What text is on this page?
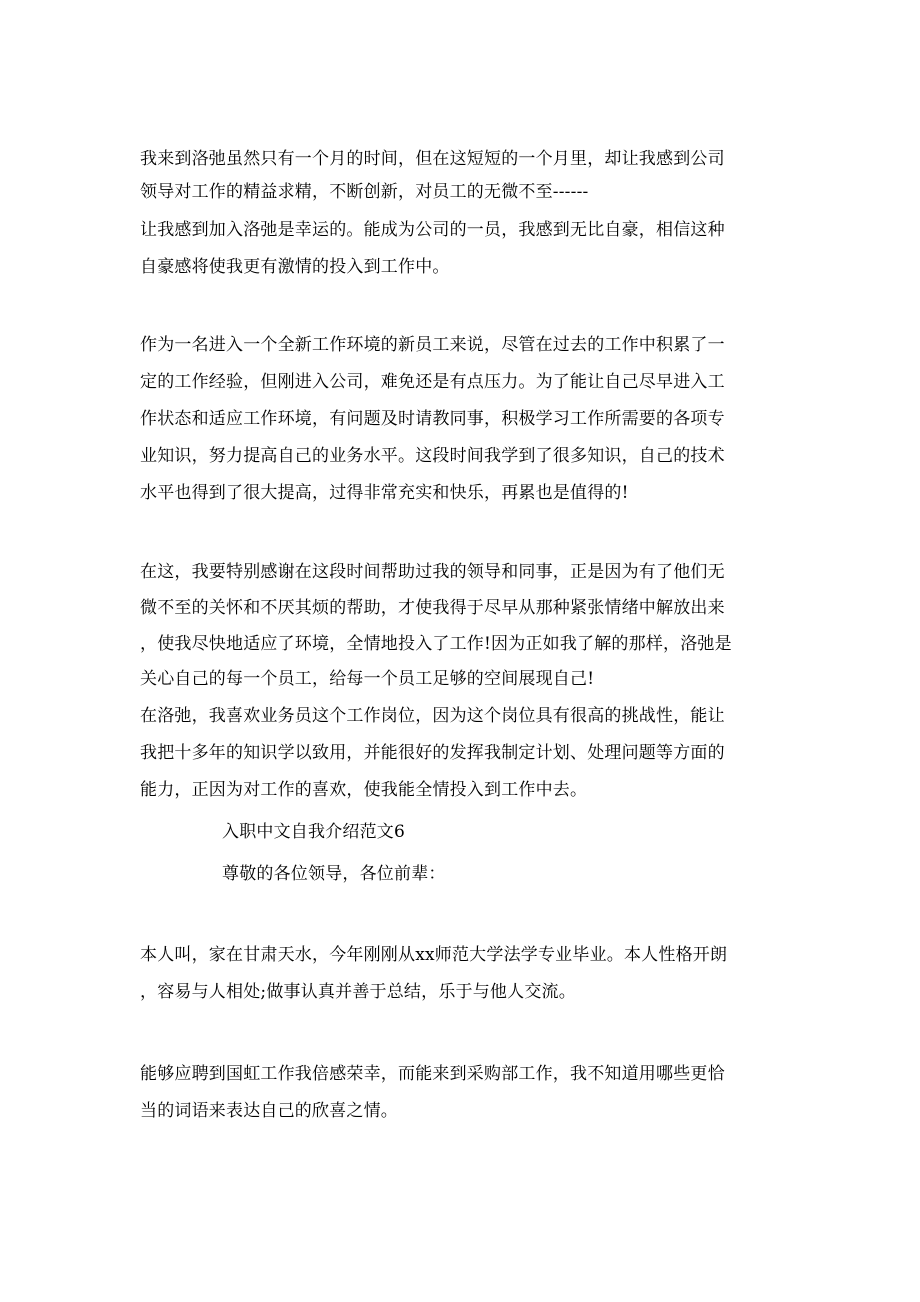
我来到洛弛虽然只有一个月的时间，但在这短短的一个月里，却让我感到公司
领导对工作的精益求精，不断创新，对员工的无微不至------
让我感到加入洛弛是幸运的。能成为公司的一员，我感到无比自豪，相信这种
自豪感将使我更有激情的投入到工作中。
作为一名进入一个全新工作环境的新员工来说，尽管在过去的工作中积累了一
定的工作经验，但刚进入公司，难免还是有点压力。为了能让自己尽早进入工
作状态和适应工作环境，有问题及时请教同事，积极学习工作所需要的各项专
业知识，努力提高自己的业务水平。这段时间我学到了很多知识，自己的技术
水平也得到了很大提高，过得非常充实和快乐，再累也是值得的!
在这，我要特别感谢在这段时间帮助过我的领导和同事，正是因为有了他们无
微不至的关怀和不厌其烦的帮助，才使我得于尽早从那种紧张情绪中解放出来
，使我尽快地适应了环境，全情地投入了工作!因为正如我了解的那样，洛弛是
关心自己的每一个员工，给每一个员工足够的空间展现自己!
在洛弛，我喜欢业务员这个工作岗位，因为这个岗位具有很高的挑战性，能让
我把十多年的知识学以致用，并能很好的发挥我制定计划、处理问题等方面的
能力，正因为对工作的喜欢，使我能全情投入到工作中去。
入职中文自我介绍范文6
尊敬的各位领导，各位前辈：
本人叫，家在甘肃天水，今年刚刚从xx师范大学法学专业毕业。本人性格开朗
，容易与人相处;做事认真并善于总结，乐于与他人交流。
能够应聘到国虹工作我倍感荣幸，而能来到采购部工作，我不知道用哪些更恰
当的词语来表达自己的欣喜之情。
